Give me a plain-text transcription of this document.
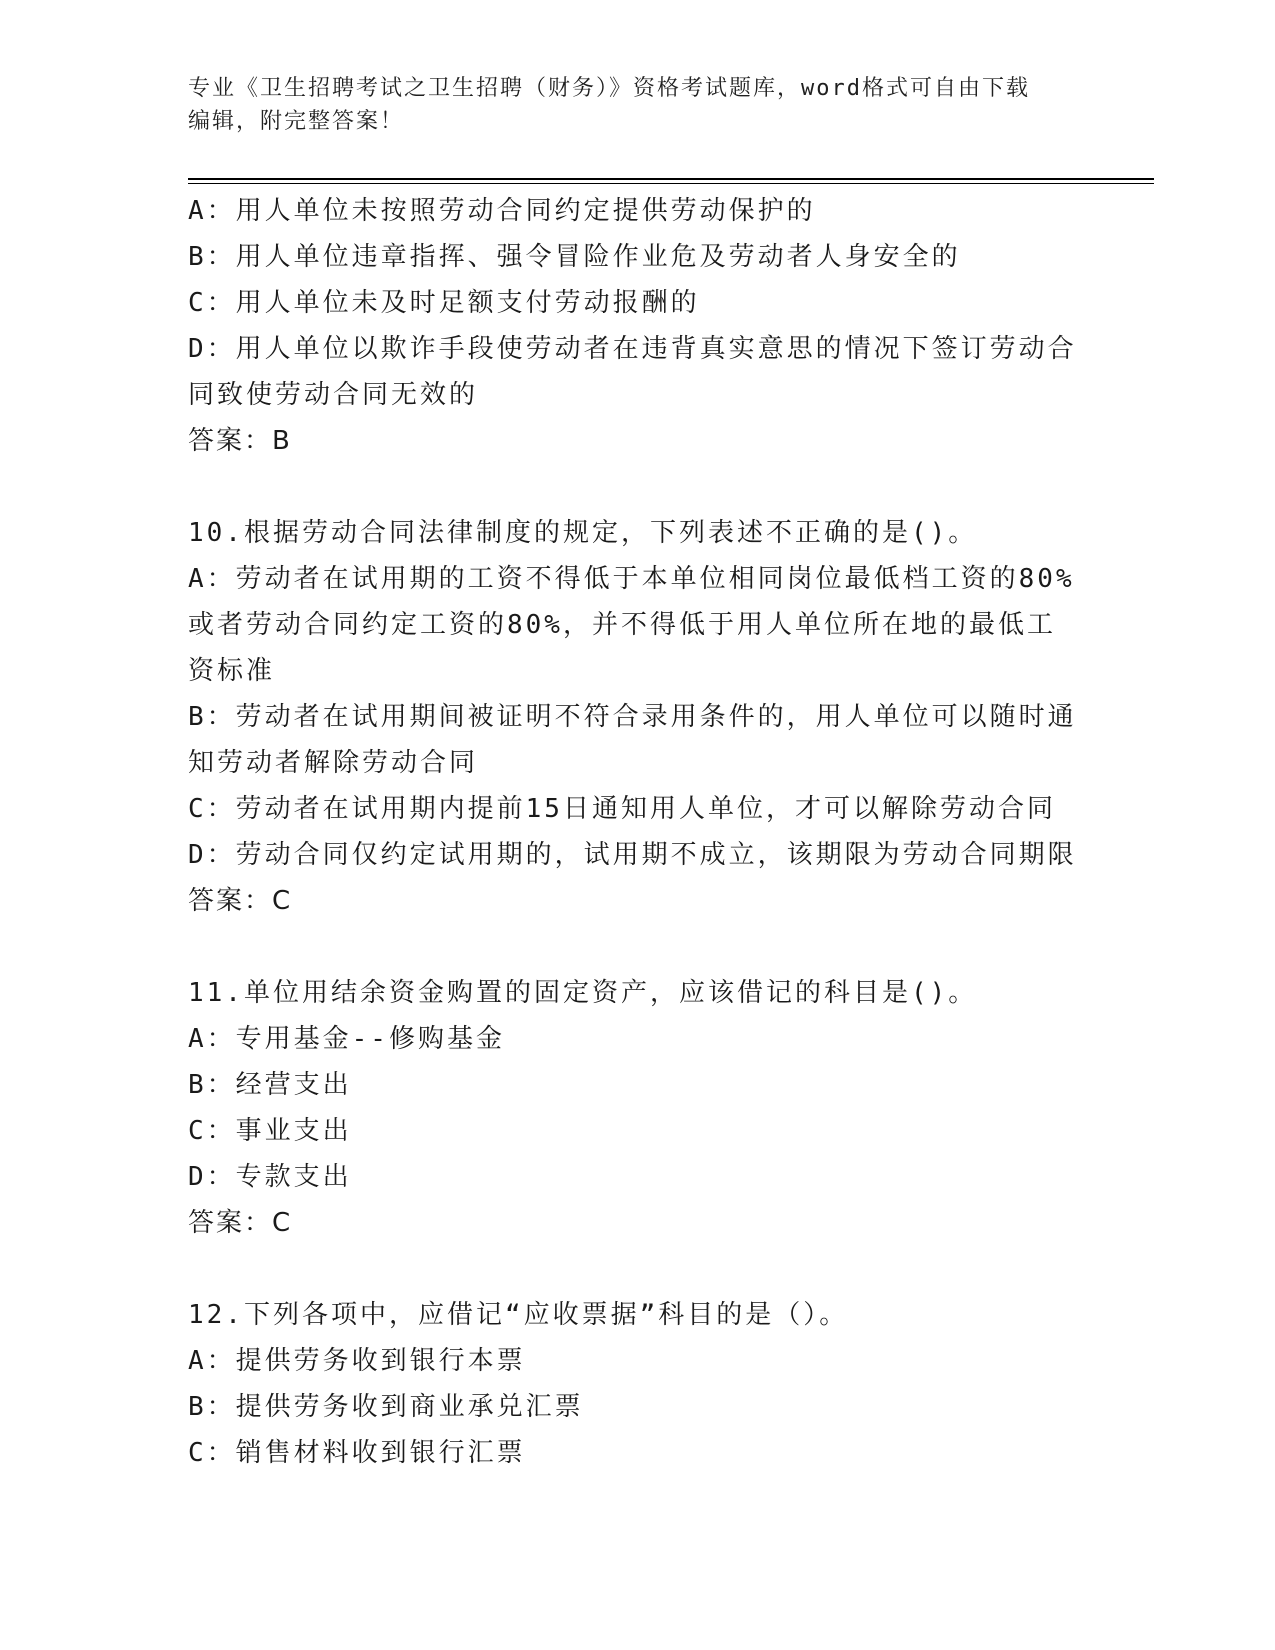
专业《卫生招聘考试之卫生招聘（财务）》资格考试题库，word格式可自由下载
编辑，附完整答案！
A：用人单位未按照劳动合同约定提供劳动保护的
B：用人单位违章指挥、强令冒险作业危及劳动者人身安全的
C：用人单位未及时足额支付劳动报酬的
D：用人单位以欺诈手段使劳动者在违背真实意思的情况下签订劳动合
同致使劳动合同无效的
答案：B
10.根据劳动合同法律制度的规定，下列表述不正确的是()。
A：劳动者在试用期的工资不得低于本单位相同岗位最低档工资的80%
或者劳动合同约定工资的80%，并不得低于用人单位所在地的最低工
资标准
B：劳动者在试用期间被证明不符合录用条件的，用人单位可以随时通
知劳动者解除劳动合同
C：劳动者在试用期内提前15日通知用人单位，才可以解除劳动合同
D：劳动合同仅约定试用期的，试用期不成立，该期限为劳动合同期限
答案：C
11.单位用结余资金购置的固定资产，应该借记的科目是()。
A：专用基金--修购基金
B：经营支出
C：事业支出
D：专款支出
答案：C
12.下列各项中，应借记“应收票据”科目的是（）。
A：提供劳务收到银行本票
B：提供劳务收到商业承兑汇票
C：销售材料收到银行汇票
